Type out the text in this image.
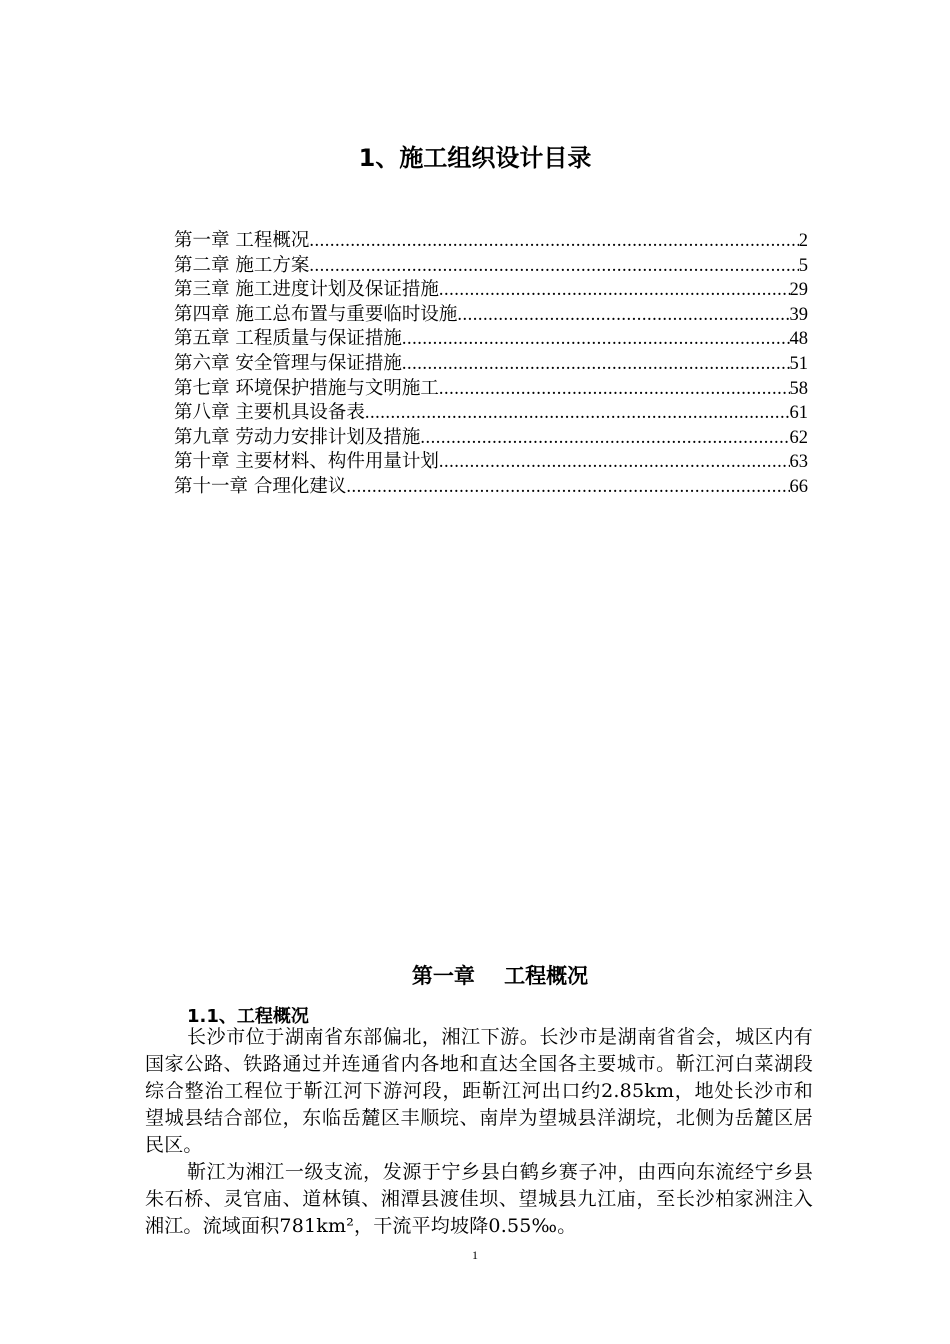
1、施工组织设计目录
第一章 工程概况 .....	2
第二章 施工方案 .....	5
第三章 施工进度计划及保证措施 .....	29
第四章 施工总布置与重要临时设施 .....	39
第五章 工程质量与保证措施 .....	48
第六章 安全管理与保证措施 .....	51
第七章 环境保护措施与文明施工 .....	58
第八章 主要机具设备表 .....	61
第九章 劳动力安排计划及措施 .....	62
第十章 主要材料、构件用量计划 .....	63
第十一章 合理化建议 .....	66
第一章    工程概况
1.1、工程概况

长沙市位于湖南省东部偏北，湘江下游。长沙市是湖南省省会，城区内有国家公路、铁路通过并连通省内各地和直达全国各主要城市。靳江河白菜湖段综合整治工程位于靳江河下游河段，距靳江河出口约2.85km，地处长沙市和望城县结合部位，东临岳麓区丰顺垸、南岸为望城县洋湖垸，北侧为岳麓区居民区。

靳江为湘江一级支流，发源于宁乡县白鹤乡赛子冲，由西向东流经宁乡县朱石桥、灵官庙、道林镇、湘潭县渡佳坝、望城县九江庙，至长沙柏家洲注入湘江。流域面积781km²，干流平均坡降0.55‰。

1
